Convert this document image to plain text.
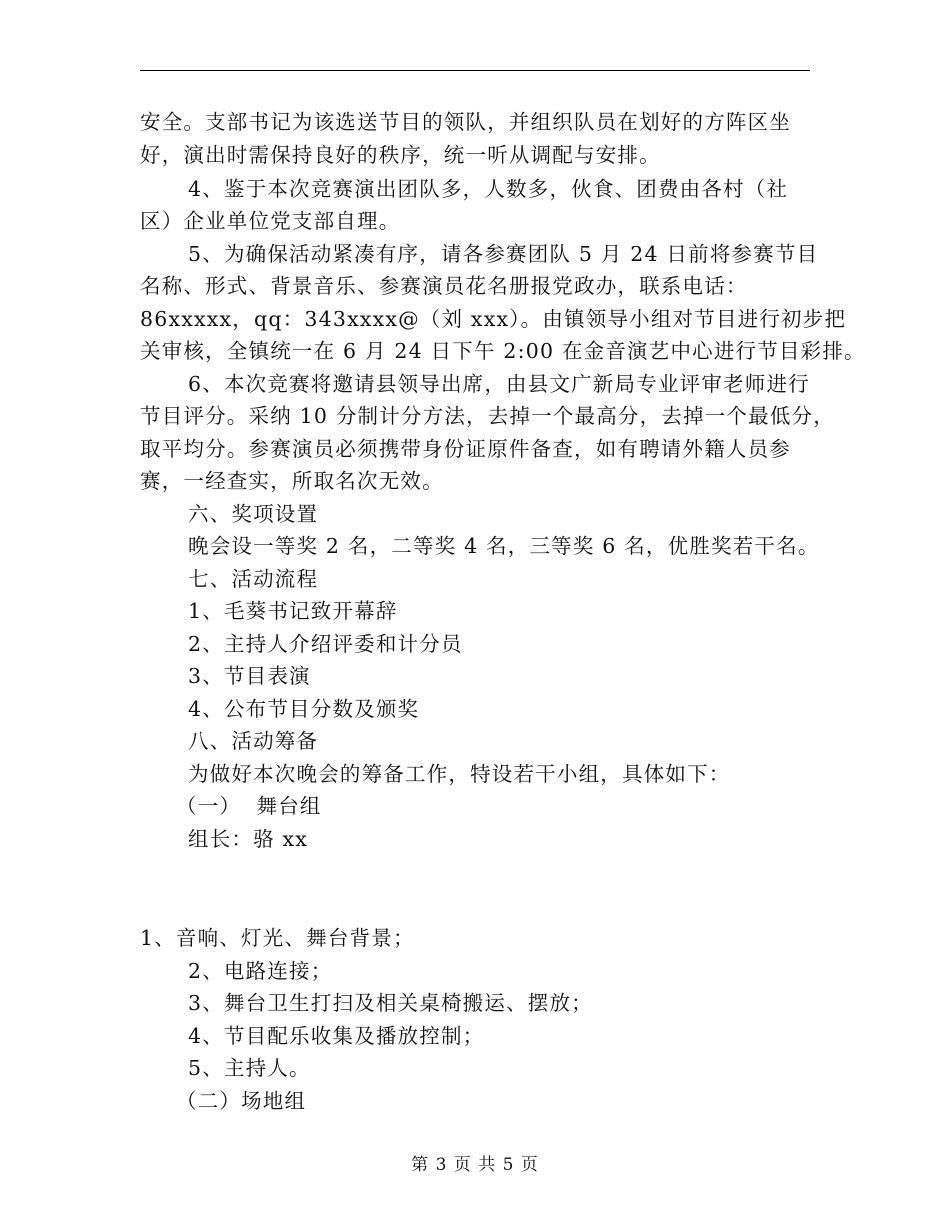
安全。支部书记为该选送节目的领队，并组织队员在划好的方阵区坐
好，演出时需保持良好的秩序，统一听从调配与安排。
4、鉴于本次竞赛演出团队多，人数多，伙食、团费由各村（社
区）企业单位党支部自理。
5、为确保活动紧凑有序，请各参赛团队 5 月 24 日前将参赛节目
名称、形式、背景音乐、参赛演员花名册报党政办，联系电话：
86xxxxx，qq：343xxxx@（刘 xxx）。由镇领导小组对节目进行初步把
关审核，全镇统一在 6 月 24 日下午 2:00 在金音演艺中心进行节目彩排。
6、本次竞赛将邀请县领导出席，由县文广新局专业评审老师进行
节目评分。采纳 10 分制计分方法，去掉一个最高分，去掉一个最低分，
取平均分。参赛演员必须携带身份证原件备查，如有聘请外籍人员参
赛，一经查实，所取名次无效。
六、奖项设置
晚会设一等奖 2 名，二等奖 4 名，三等奖 6 名，优胜奖若干名。
七、活动流程
1、毛葵书记致开幕辞
2、主持人介绍评委和计分员
3、节目表演
4、公布节目分数及颁奖
八、活动筹备
为做好本次晚会的筹备工作，特设若干小组，具体如下：
（一）  舞台组
组长：骆 xx
1、音响、灯光、舞台背景；
2、电路连接；
3、舞台卫生打扫及相关桌椅搬运、摆放；
4、节目配乐收集及播放控制；
5、主持人。
（二）场地组
第 3 页 共 5 页
